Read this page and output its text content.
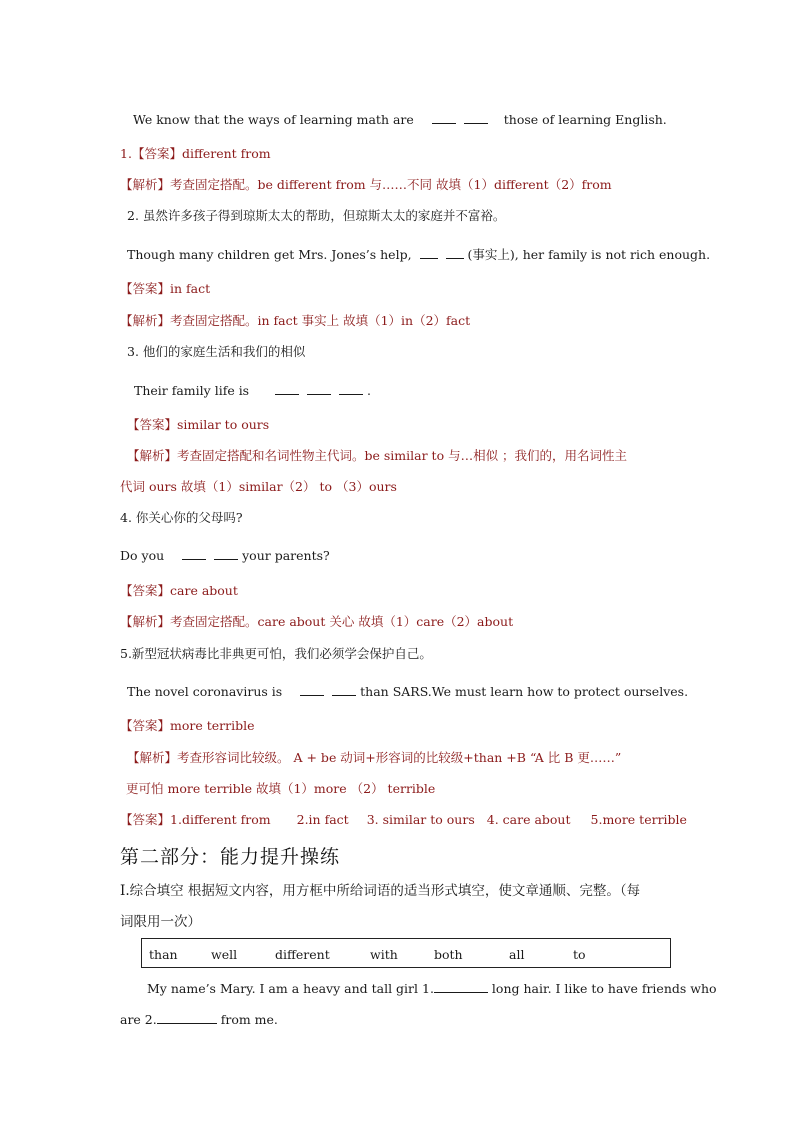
We know that the ways of learning math are	those of learning English.
1.【答案】different from
【解析】考查固定搭配。be different from 与……不同 故填（1）different（2）from
2. 虽然许多孩子得到琼斯太太的帮助，但琼斯太太的家庭并不富裕。
Though many children get Mrs. Jones’s help,	(事实上), her family is not rich enough.
【答案】in fact
【解析】考查固定搭配。in fact 事实上 故填（1）in（2）fact
3. 他们的家庭生活和我们的相似
Their family life is	.
【答案】similar to ours
【解析】考查固定搭配和名词性物主代词。be similar to 与…相似 ；我们的，用名词性主
代词 ours 故填（1）similar（2） to （3）ours
4. 你关心你的父母吗?
Do you	your parents?
【答案】care about
【解析】考查固定搭配。care about 关心 故填（1）care（2）about
5.新型冠状病毒比非典更可怕，我们必须学会保护自己。
The novel coronavirus is	than SARS.We must learn how to protect ourselves.
【答案】more terrible
【解析】考查形容词比较级。 A + be 动词+形容词的比较级+than +B “A 比 B 更……”
更可怕 more terrible 故填（1）more （2） terrible
【答案】1.different from 2.in fact 3. similar to ours 4. care about 5.more terrible
第二部分：能力提升操练
Ⅰ.综合填空 根据短文内容，用方框中所给词语的适当形式填空，使文章通顺、完整。（每
词限用一次）
than	well	different	with	both	all	to
My name’s Mary. I am a heavy and tall girl 1.	long hair. I like to have friends who
are 2.	from me.
